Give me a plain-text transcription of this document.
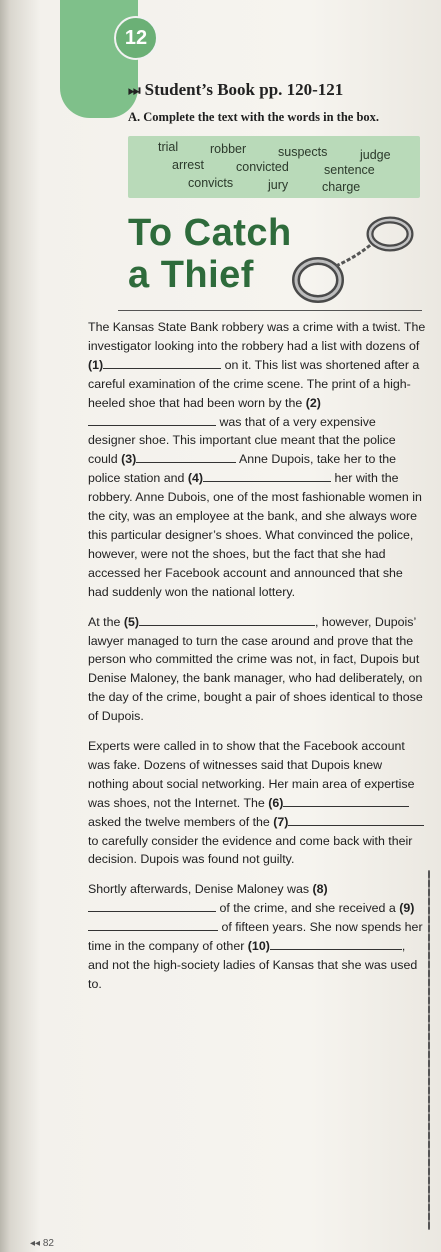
12
⏭ Student’s Book pp. 120-121
A. Complete the text with the words in the box.
trial	robber	suspects	judge
arrest	convicted	sentence
convicts	jury	charge
To Catch
a Thief

The Kansas State Bank robbery was a crime with a twist. The investigator looking into the robbery had a list with dozens of (1)	on it. This list was shortened after a careful examination of the crime scene. The print of a high-heeled shoe that had been worn by the (2) was that of a very expensive designer shoe. This important clue meant that the police could (3)	Anne Dupois, take her to the police station and (4)	her with the robbery. Anne Dubois, one of the most fashionable women in the city, was an employee at the bank, and she always wore this particular designer’s shoes. What convinced the police, however, were not the shoes, but the fact that she had accessed her Facebook account and announced that she had suddenly won the national lottery.

At the (5)	, however, Dupois’ lawyer managed to turn the case around and prove that the person who committed the crime was not, in fact, Dupois but Denise Maloney, the bank manager, who had deliberately, on the day of the crime, bought a pair of shoes identical to those of Dupois.

Experts were called in to show that the Facebook account was fake. Dozens of witnesses said that Dupois knew nothing about social networking. Her main area of expertise was shoes, not the Internet. The (6) asked the twelve members of the (7) to carefully consider the evidence and come back with their decision. Dupois was found not guilty.

Shortly afterwards, Denise Maloney was (8) of the crime, and she received a (9) of fifteen years. She now spends her time in the company of other (10)	, and not the high-society ladies of Kansas that she was used to.

◂◂ 82
